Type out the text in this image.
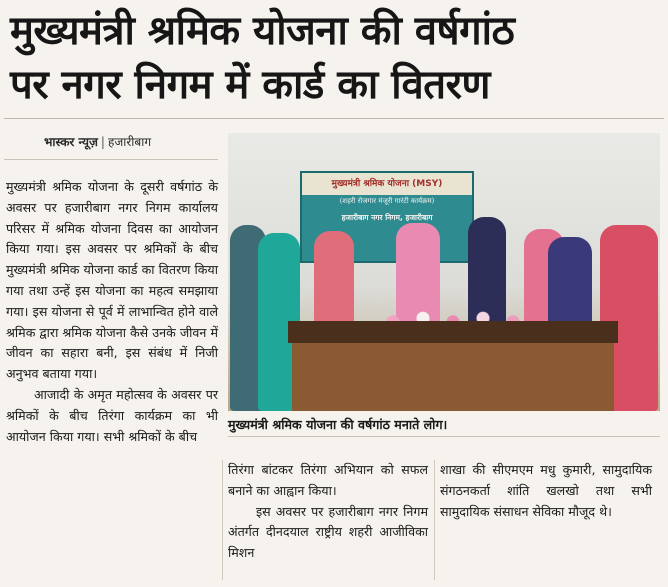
मुख्यमंत्री श्रमिक योजना की वर्षगांठ
पर नगर निगम में कार्ड का वितरण
भास्कर न्यूज़ | हजारीबाग

मुख्यमंत्री श्रमिक योजना के दूसरी वर्षगांठ के अवसर पर हजारीबाग नगर निगम कार्यालय परिसर में श्रमिक योजना दिवस का आयोजन किया गया। इस अवसर पर श्रमिकों के बीच मुख्यमंत्री श्रमिक योजना कार्ड का वितरण किया गया तथा उन्हें इस योजना का महत्व समझाया गया। इस योजना से पूर्व में लाभान्वित होने वाले श्रमिक द्वारा श्रमिक योजना कैसे उनके जीवन में जीवन का सहारा बनी, इस संबंध में निजी अनुभव बताया गया।

आजादी के अमृत महोत्सव के अवसर पर श्रमिकों के बीच तिरंगा कार्यक्रम का भी आयोजन किया गया। सभी श्रमिकों के बीच

मुख्यमंत्री श्रमिक योजना (MSY)
(शहरी रोजगार मंजूरी गारंटी कार्यक्रम)
हजारीबाग नगर निगम, हजारीबाग
मुख्यमंत्री श्रमिक योजना की वर्षगांठ मनाते लोग।

तिरंगा बांटकर तिरंगा अभियान को सफल बनाने का आह्वान किया।

इस अवसर पर हजारीबाग नगर निगम अंतर्गत दीनदयाल राष्ट्रीय शहरी आजीविका मिशन

शाखा की सीएमएम मधु कुमारी, सामुदायिक संगठनकर्ता शांति खलखो तथा सभी सामुदायिक संसाधन सेविका मौजूद थे।
